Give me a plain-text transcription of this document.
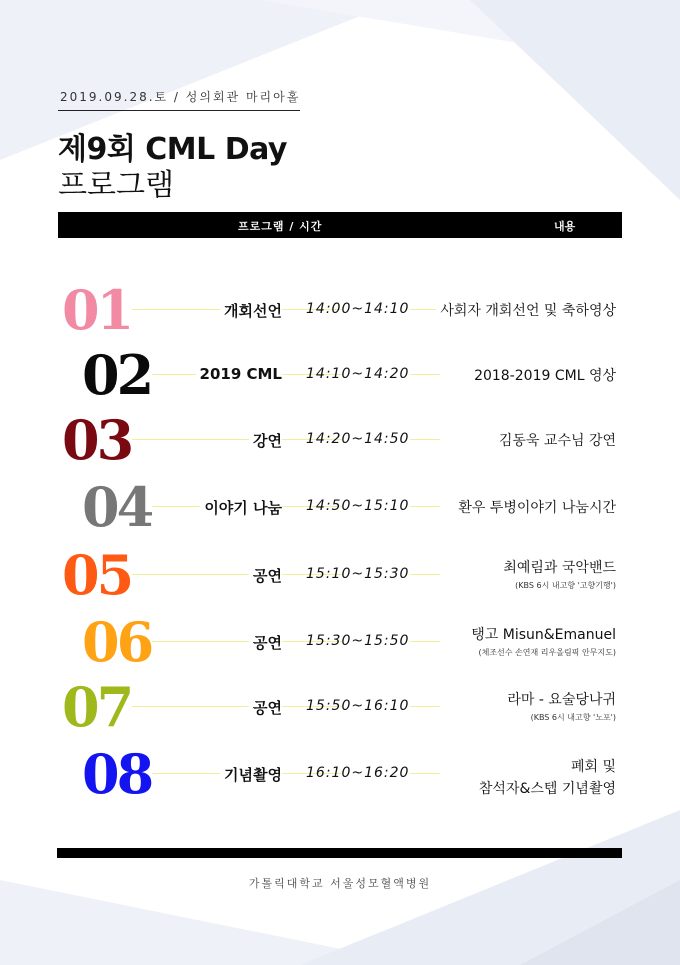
2019.09.28.토 / 성의회관 마리아홀
제9회 CML Day
프로그램
프로그램 / 시간	내용
01	개회선언 14:00~14:10 사회자 개회선언 및 축하영상
02	2019 CML 14:10~14:20	2018-2019 CML 영상
03	강연 14:20~14:50	김동욱 교수님 강연
04	이야기 나눔 14:50~15:10	환우 투병이야기 나눔시간
05	공연 15:10~15:30	최예림과 국악밴드
(KBS 6시 내고향 '고향기행')
06	공연 15:30~15:50	탱고 Misun&Emanuel
(체조선수 손연재 리우올림픽 안무지도)
07	공연 15:50~16:10	라마 - 요술당나귀
(KBS 6시 내고향 '노포')
08	기념촬영 16:10~16:20	폐회 및
참석자&스텝 기념촬영
가톨릭대학교 서울성모혈액병원
